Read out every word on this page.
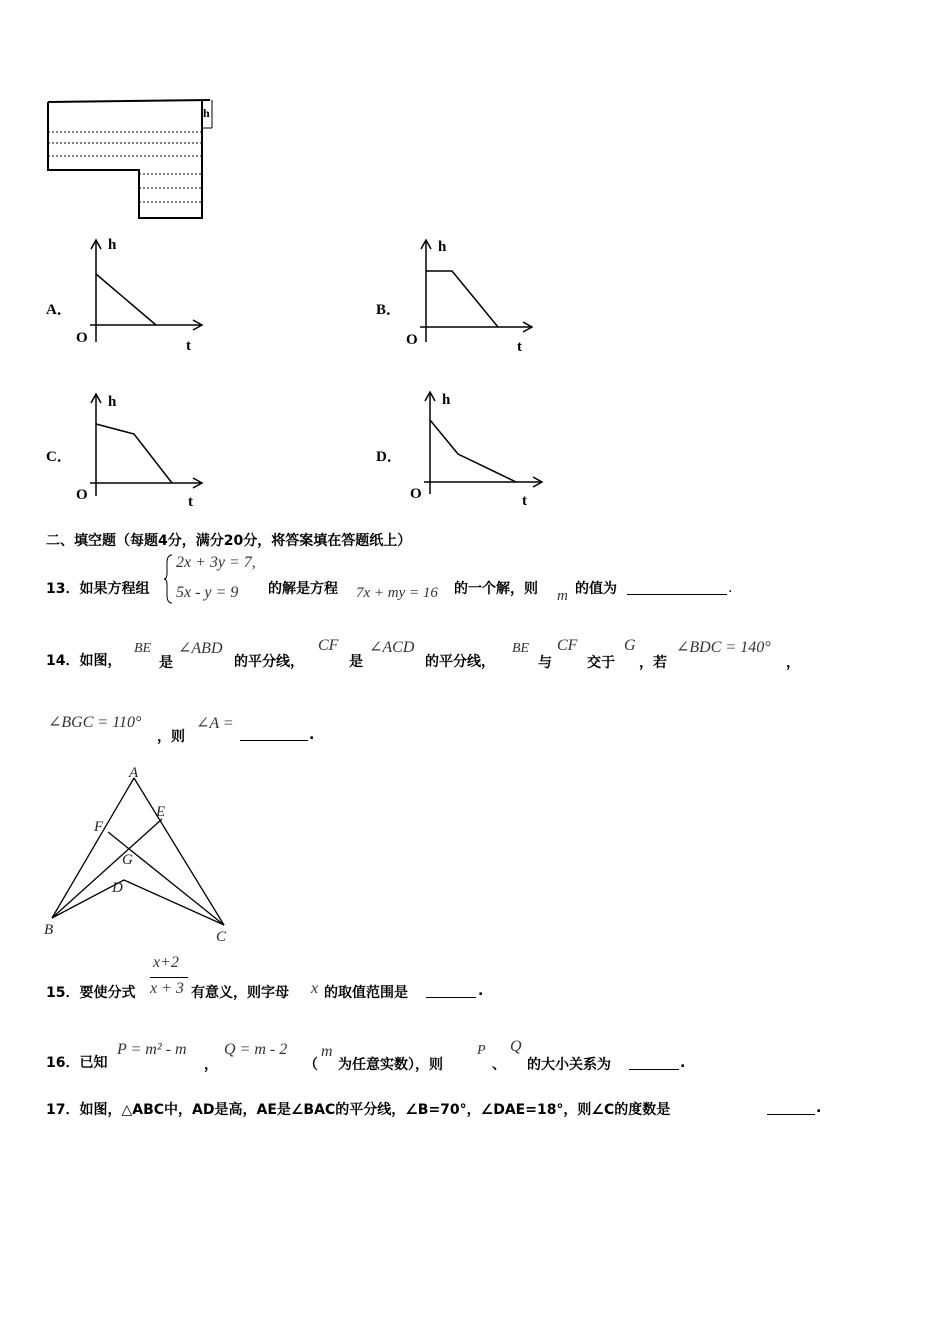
h
A．
h
t
O
B．
h
t
O
C．
h
t
O
D．
h
t
O
二、填空题（每题4分，满分20分，将答案填在答题纸上）
13．如果方程组
2x + 3y = 7,
5x - y = 9 的解是方程 7x + my = 16 的一个解，则 m 的值为	.
14．如图，
BE
是
∠ABD
的平分线，
CF
是
∠ACD
的平分线，
BE
与
CF
交于
G
，若
∠BDC = 140°
，
∠BGC = 110°
，则
∠A =
.
A
E
F
G
D
B	C
15．要使分式
x+2
x + 3 有意义，则字母 x 的取值范围是	.
16．已知
P = m² - m
，
Q = m - 2
（
m
为任意实数），则
P
、
Q
的大小关系为	.
17．如图，△ABC中，AD是高，AE是∠BAC的平分线，∠B=70°，∠DAE=18°，则∠C的度数是	.
